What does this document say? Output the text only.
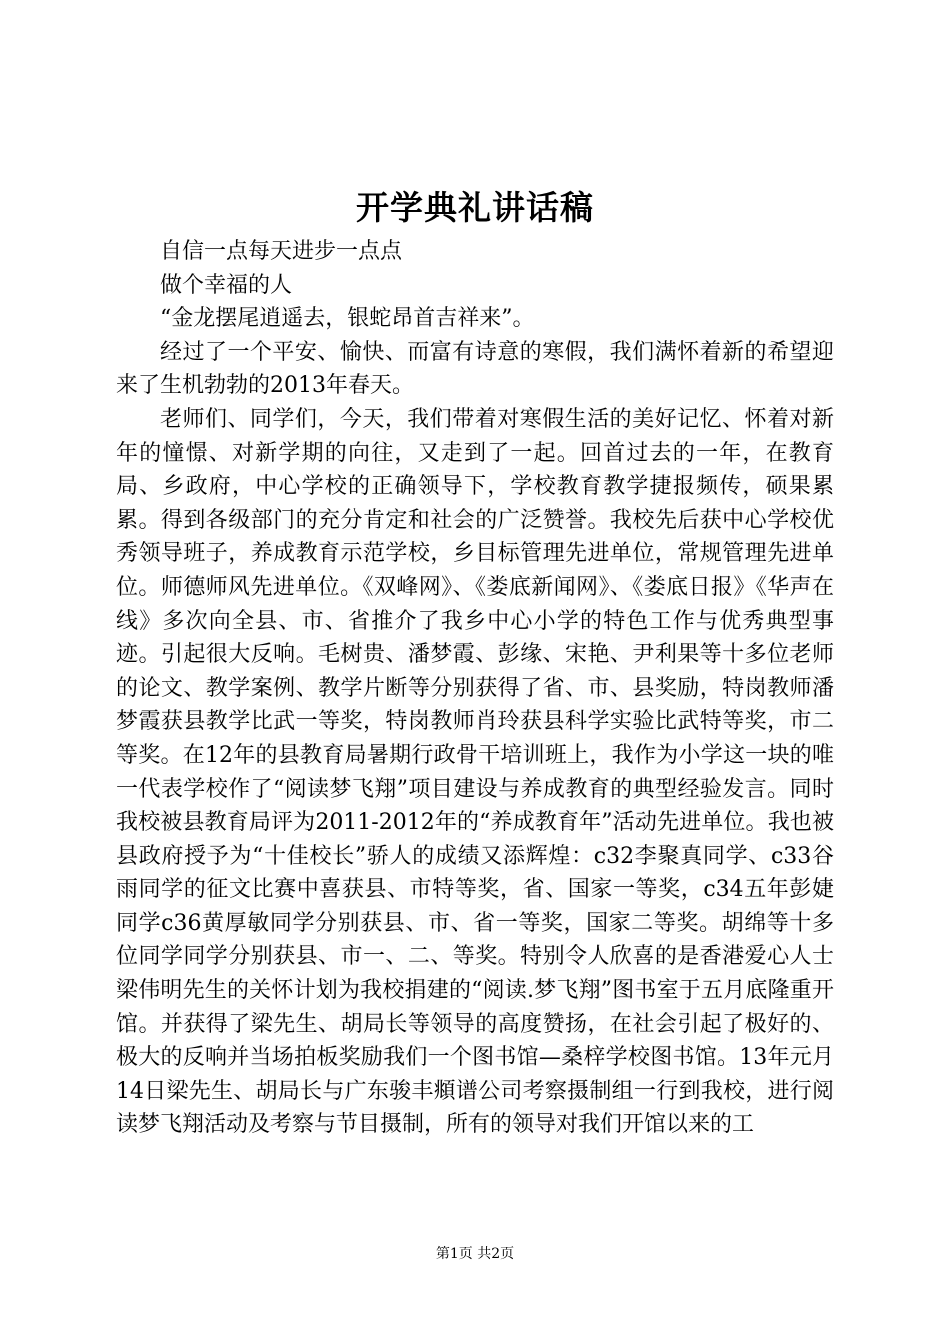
开学典礼讲话稿

自信一点每天进步一点点

做个幸福的人

“金龙摆尾逍遥去，银蛇昂首吉祥来”。

经过了一个平安、愉快、而富有诗意的寒假，我们满怀着新的希望迎来了生机勃勃的2013年春天。

老师们、同学们，今天，我们带着对寒假生活的美好记忆、怀着对新年的憧憬、对新学期的向往，又走到了一起。回首过去的一年，在教育局、乡政府，中心学校的正确领导下，学校教育教学捷报频传，硕果累累。得到各级部门的充分肯定和社会的广泛赞誉。我校先后获中心学校优秀领导班子，养成教育示范学校，乡目标管理先进单位，常规管理先进单位。师德师风先进单位。《双峰网》、《娄底新闻网》、《娄底日报》《华声在线》多次向全县、市、省推介了我乡中心小学的特色工作与优秀典型事迹。引起很大反响。毛树贵、潘梦霞、彭缘、宋艳、尹利果等十多位老师的论文、教学案例、教学片断等分别获得了省、市、县奖励，特岗教师潘梦霞获县教学比武一等奖，特岗教师肖玲获县科学实验比武特等奖，市二等奖。在12年的县教育局暑期行政骨干培训班上，我作为小学这一块的唯一代表学校作了“阅读梦飞翔”项目建设与养成教育的典型经验发言。同时我校被县教育局评为2011-2012年的“养成教育年”活动先进单位。我也被县政府授予为“十佳校长”骄人的成绩又添辉煌：c32李聚真同学、c33谷雨同学的征文比赛中喜获县、市特等奖，省、国家一等奖，c34五年彭婕同学c36黄厚敏同学分别获县、市、省一等奖，国家二等奖。胡绵等十多位同学同学分别获县、市一、二、等奖。特别令人欣喜的是香港爱心人士梁伟明先生的关怀计划为我校捐建的“阅读.梦飞翔”图书室于五月底隆重开馆。并获得了梁先生、胡局长等领导的高度赞扬，在社会引起了极好的、极大的反响并当场拍板奖励我们一个图书馆—桑梓学校图书馆。13年元月14日梁先生、胡局长与广东骏丰頫谱公司考察摄制组一行到我校，进行阅读梦飞翔活动及考察与节目摄制，所有的领导对我们开馆以来的工

第1页 共2页
